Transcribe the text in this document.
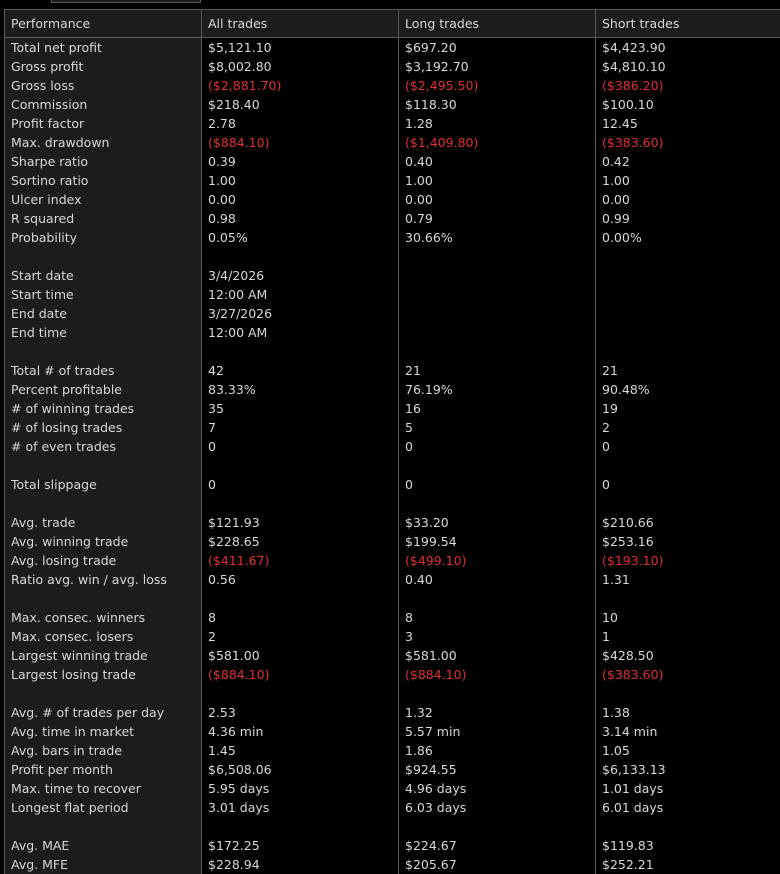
Performance	All trades	Long trades	Short trades
Total net profit	$5,121.10	$697.20	$4,423.90
Gross profit	$8,002.80	$3,192.70	$4,810.10
Gross loss	($2,881.70)	($2,495.50)	($386.20)
Commission	$218.40	$118.30	$100.10
Profit factor	2.78	1.28	12.45
Max. drawdown	($884.10)	($1,409.80)	($383.60)
Sharpe ratio	0.39	0.40	0.42
Sortino ratio	1.00	1.00	1.00
Ulcer index	0.00	0.00	0.00
R squared	0.98	0.79	0.99
Probability	0.05%	30.66%	0.00%
Start date	3/4/2026
Start time	12:00 AM
End date	3/27/2026
End time	12:00 AM
Total # of trades	42	21	21
Percent profitable	83.33%	76.19%	90.48%
# of winning trades	35	16	19
# of losing trades	7	5	2
# of even trades	0	0	0
Total slippage	0	0	0
Avg. trade	$121.93	$33.20	$210.66
Avg. winning trade	$228.65	$199.54	$253.16
Avg. losing trade	($411.67)	($499.10)	($193.10)
Ratio avg. win / avg. loss	0.56	0.40	1.31
Max. consec. winners	8	8	10
Max. consec. losers	2	3	1
Largest winning trade	$581.00	$581.00	$428.50
Largest losing trade	($884.10)	($884.10)	($383.60)
Avg. # of trades per day	2.53	1.32	1.38
Avg. time in market	4.36 min	5.57 min	3.14 min
Avg. bars in trade	1.45	1.86	1.05
Profit per month	$6,508.06	$924.55	$6,133.13
Max. time to recover	5.95 days	4.96 days	1.01 days
Longest flat period	3.01 days	6.03 days	6.01 days
Avg. MAE	$172.25	$224.67	$119.83
Avg. MFE	$228.94	$205.67	$252.21
